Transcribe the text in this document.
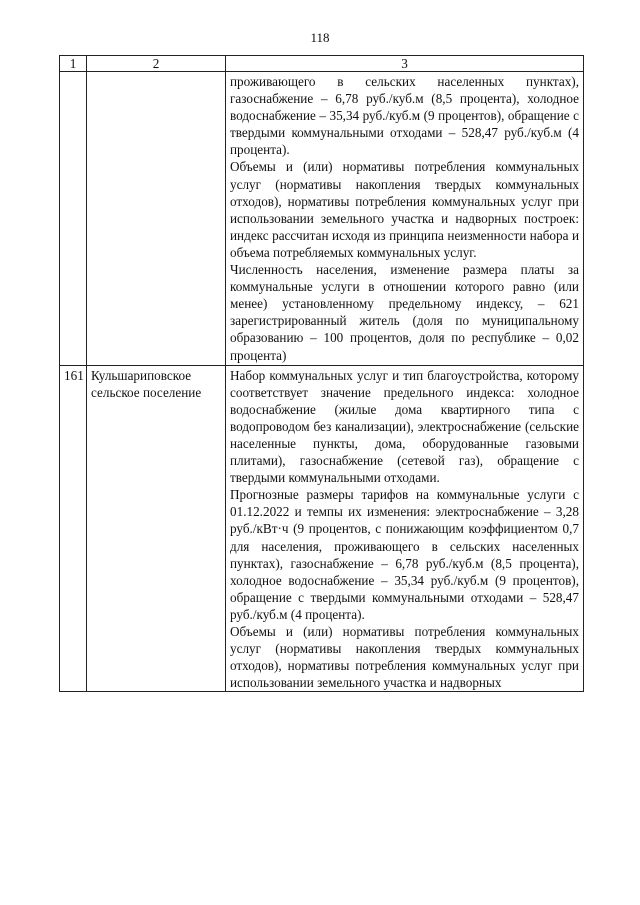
118
1	2	3

		проживающего в сельских населенных пунктах), газоснабжение – 6,78 руб./куб.м (8,5 процента), холодное водоснабжение – 35,34 руб./куб.м (9 процентов), обращение с твердыми коммунальными отходами – 528,47 руб./куб.м (4 процента).

Объемы и (или) нормативы потребления коммунальных услуг (нормативы накопления твердых коммунальных отходов), нормативы потребления коммунальных услуг при использовании земельного участка и надворных построек: индекс рассчитан исходя из принципа неизменности набора и объема потребляемых коммунальных услуг.

Численность населения, изменение размера платы за коммунальные услуги в отношении которого равно (или менее) установленному предельному индексу, – 621 зарегистрированный житель (доля по муниципальному образованию – 100 процентов, доля по республике – 0,02 процента)

161	Кульшариповское сельское поселение	Набор коммунальных услуг и тип благоустройства, которому соответствует значение предельного индекса: холодное водоснабжение (жилые дома квартирного типа с водопроводом без канализации), электроснабжение (сельские населенные пункты, дома, оборудованные газовыми плитами), газоснабжение (сетевой газ), обращение с твердыми коммунальными отходами.

Прогнозные размеры тарифов на коммунальные услуги с 01.12.2022 и темпы их изменения: электроснабжение – 3,28 руб./кВт·ч (9 процентов, с понижающим коэффициентом 0,7 для населения, проживающего в сельских населенных пунктах), газоснабжение – 6,78 руб./куб.м (8,5 процента), холодное водоснабжение – 35,34 руб./куб.м (9 процентов), обращение с твердыми коммунальными отходами – 528,47 руб./куб.м (4 процента).

Объемы и (или) нормативы потребления коммунальных услуг (нормативы накопления твердых коммунальных отходов), нормативы потребления коммунальных услуг при использовании земельного участка и надворных
